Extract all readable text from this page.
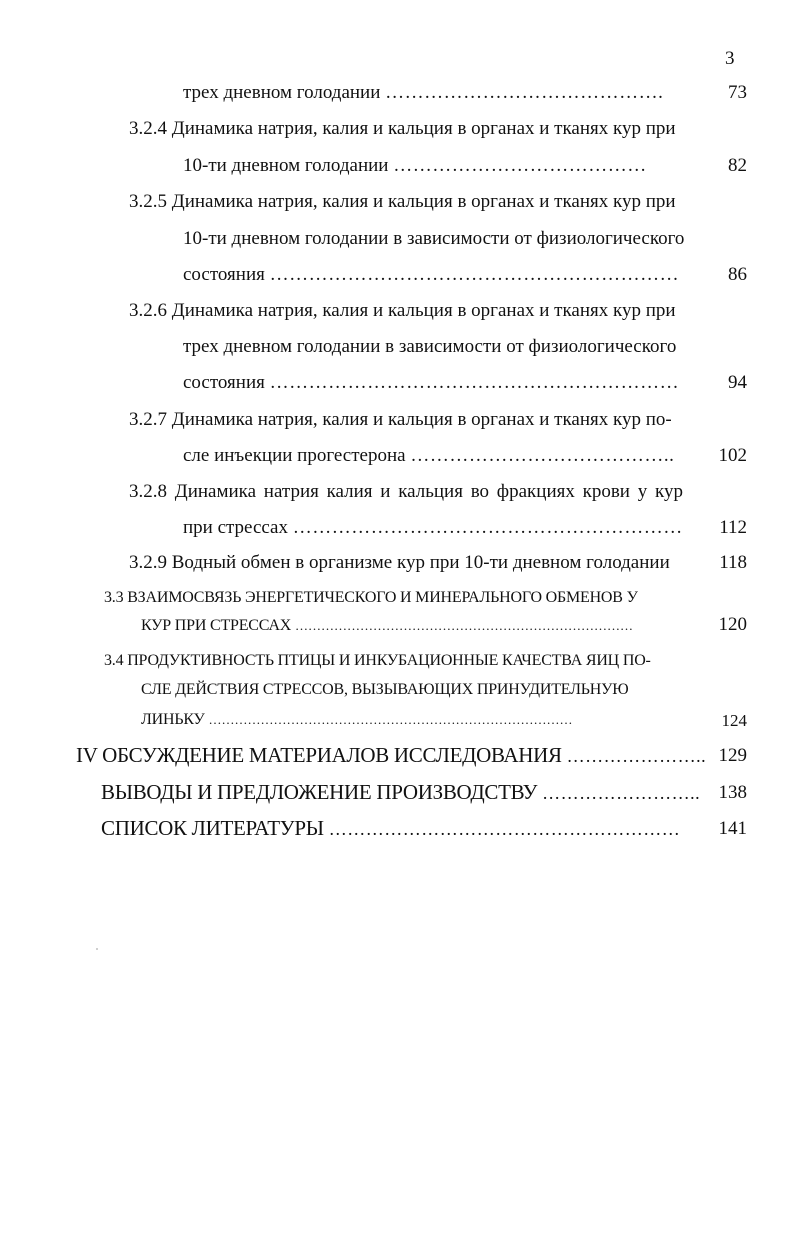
3
трех дневном голодании …………………………………….	73
3.2.4 Динамика натрия, калия и кальция в органах и тканях кур при
10-ти дневном голодании …………………………………	82
3.2.5 Динамика натрия, калия и кальция в органах и тканях кур при
10-ти дневном голодании в зависимости от физиологического
состояния ………………………………………………………	86
3.2.6 Динамика натрия, калия и кальция в органах и тканях кур при
трех дневном голодании в зависимости от физиологического
состояния ………………………………………………………	94
3.2.7 Динамика натрия, калия и кальция в органах и тканях кур по-
сле инъекции прогестерона ………………………………….. 102
3.2.8 Динамика натрия калия и кальция во фракциях крови у кур
при стрессах …………………………………………………… 112
3.2.9 Водный обмен в организме кур при 10-ти дневном голодании	118
3.3 ВЗАИМОСВЯЗЬ ЭНЕРГЕТИЧЕСКОГО И МИНЕРАЛЬНОГО ОБМЕНОВ У
КУР ПРИ СТРЕССАХ ……………………………………………………………………	120
3.4 ПРОДУКТИВНОСТЬ ПТИЦЫ И ИНКУБАЦИОННЫЕ КАЧЕСТВА ЯИЦ ПО-
СЛЕ ДЕЙСТВИЯ СТРЕССОВ, ВЫЗЫВАЮЩИХ ПРИНУДИТЕЛЬНУЮ
ЛИНЬКУ …………………………………………………………………………	124
IV ОБСУЖДЕНИЕ МАТЕРИАЛОВ ИССЛЕДОВАНИЯ ………………….. 129
ВЫВОДЫ И ПРЕДЛОЖЕНИЕ ПРОИЗВОДСТВУ …………………….. 138
СПИСОК ЛИТЕРАТУРЫ ………………………………………………… 141
